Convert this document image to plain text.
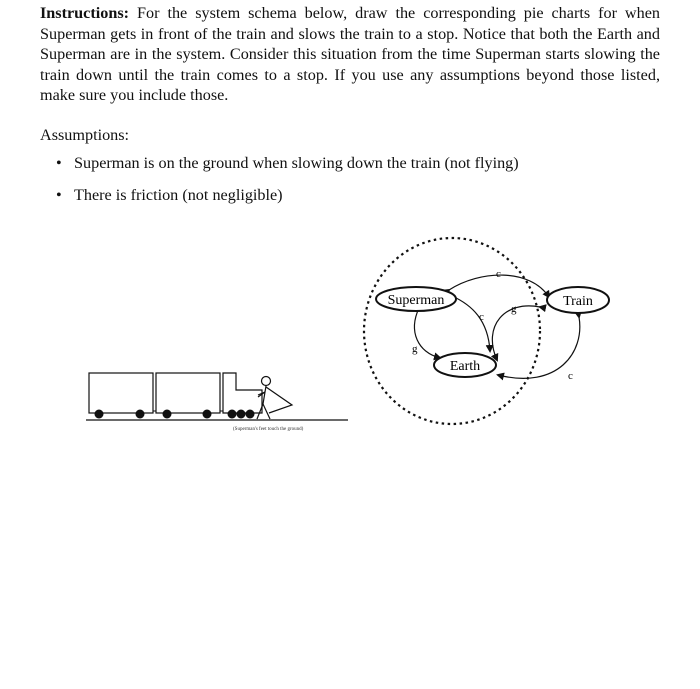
Instructions: For the system schema below, draw the corresponding pie charts for when Superman gets in front of the train and slows the train to a stop. Notice that both the Earth and Superman are in the system. Consider this situation from the time Superman starts slowing the train down until the train comes to a stop. If you use any assumptions beyond those listed, make sure you include those.

Assumptions:

• Superman is on the ground when slowing down the train (not flying)
• There is friction (not negligible)
(Superman's feet touch the ground)
Superman	Train
Earth
c
c
g
g
c
